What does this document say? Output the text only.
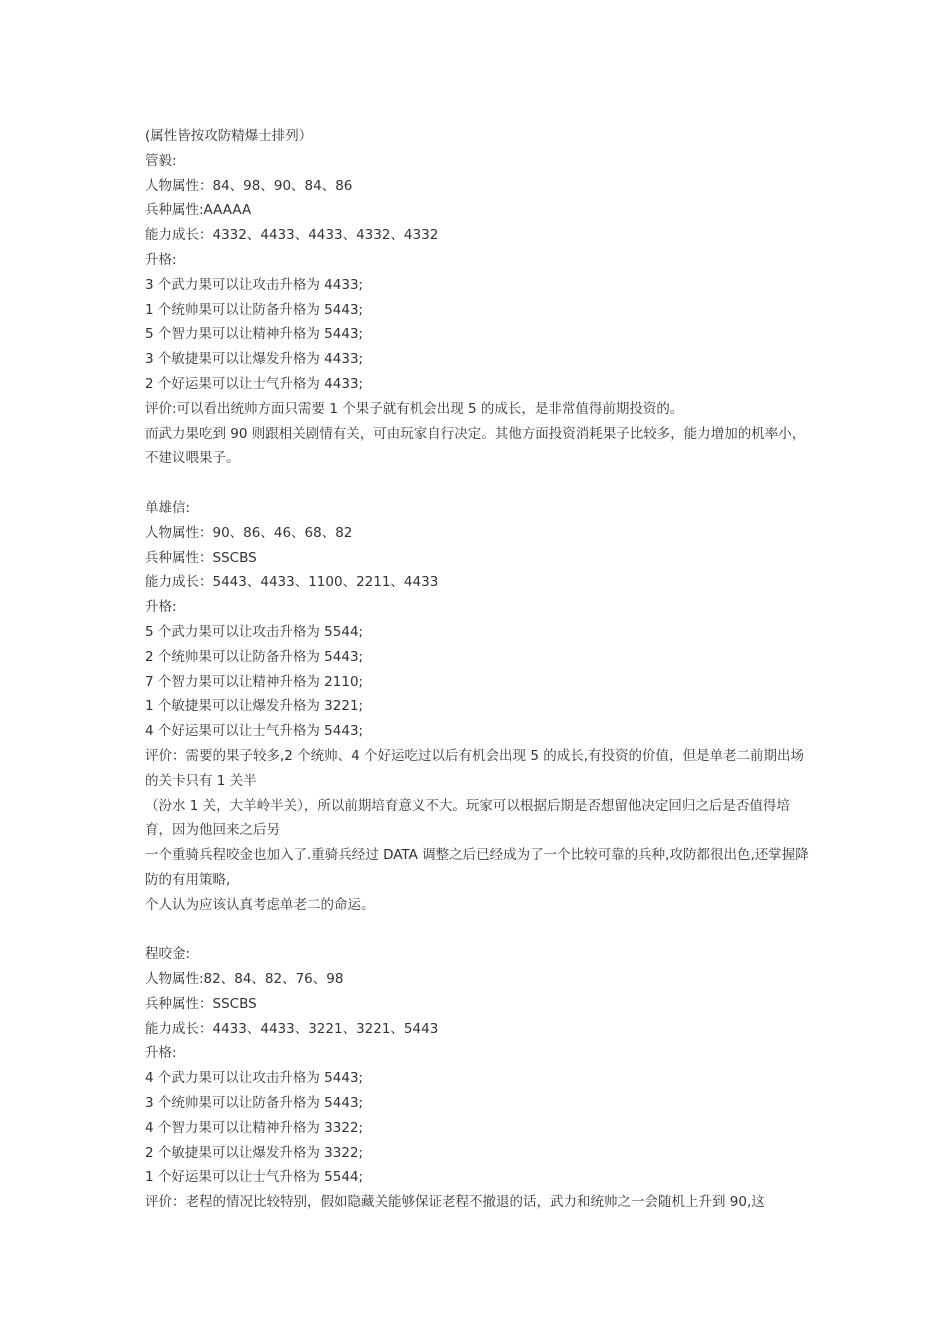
(属性皆按攻防精爆士排列）

管毅:

人物属性：84、98、90、84、86

兵种属性:AAAAA

能力成长：4332、4433、4433、4332、4332

升格:

3 个武力果可以让攻击升格为 4433;

1 个统帅果可以让防备升格为 5443;

5 个智力果可以让精神升格为 5443;

3 个敏捷果可以让爆发升格为 4433;

2 个好运果可以让士气升格为 4433;

评价:可以看出统帅方面只需要 1 个果子就有机会出现 5 的成长，是非常值得前期投资的。

而武力果吃到 90 则跟相关剧情有关，可由玩家自行决定。其他方面投资消耗果子比较多，能力增加的机率小，不建议喂果子。

单雄信:

人物属性：90、86、46、68、82

兵种属性：SSCBS

能力成长：5443、4433、1100、2211、4433

升格:

5 个武力果可以让攻击升格为 5544;

2 个统帅果可以让防备升格为 5443;

7 个智力果可以让精神升格为 2110;

1 个敏捷果可以让爆发升格为 3221;

4 个好运果可以让士气升格为 5443;

评价：需要的果子较多,2 个统帅、4 个好运吃过以后有机会出现 5 的成长,有投资的价值，但是单老二前期出场的关卡只有 1 关半

（汾水 1 关，大羊岭半关），所以前期培育意义不大。玩家可以根据后期是否想留他决定回归之后是否值得培育，因为他回来之后另

一个重骑兵程咬金也加入了.重骑兵经过 DATA 调整之后已经成为了一个比较可靠的兵种,攻防都很出色,还掌握降防的有用策略,

个人认为应该认真考虑单老二的命运。

程咬金:

人物属性:82、84、82、76、98

兵种属性：SSCBS

能力成长：4433、4433、3221、3221、5443

升格:

4 个武力果可以让攻击升格为 5443;

3 个统帅果可以让防备升格为 5443;

4 个智力果可以让精神升格为 3322;

2 个敏捷果可以让爆发升格为 3322;

1 个好运果可以让士气升格为 5544;

评价：老程的情况比较特别，假如隐藏关能够保证老程不撤退的话，武力和统帅之一会随机上升到 90,这
